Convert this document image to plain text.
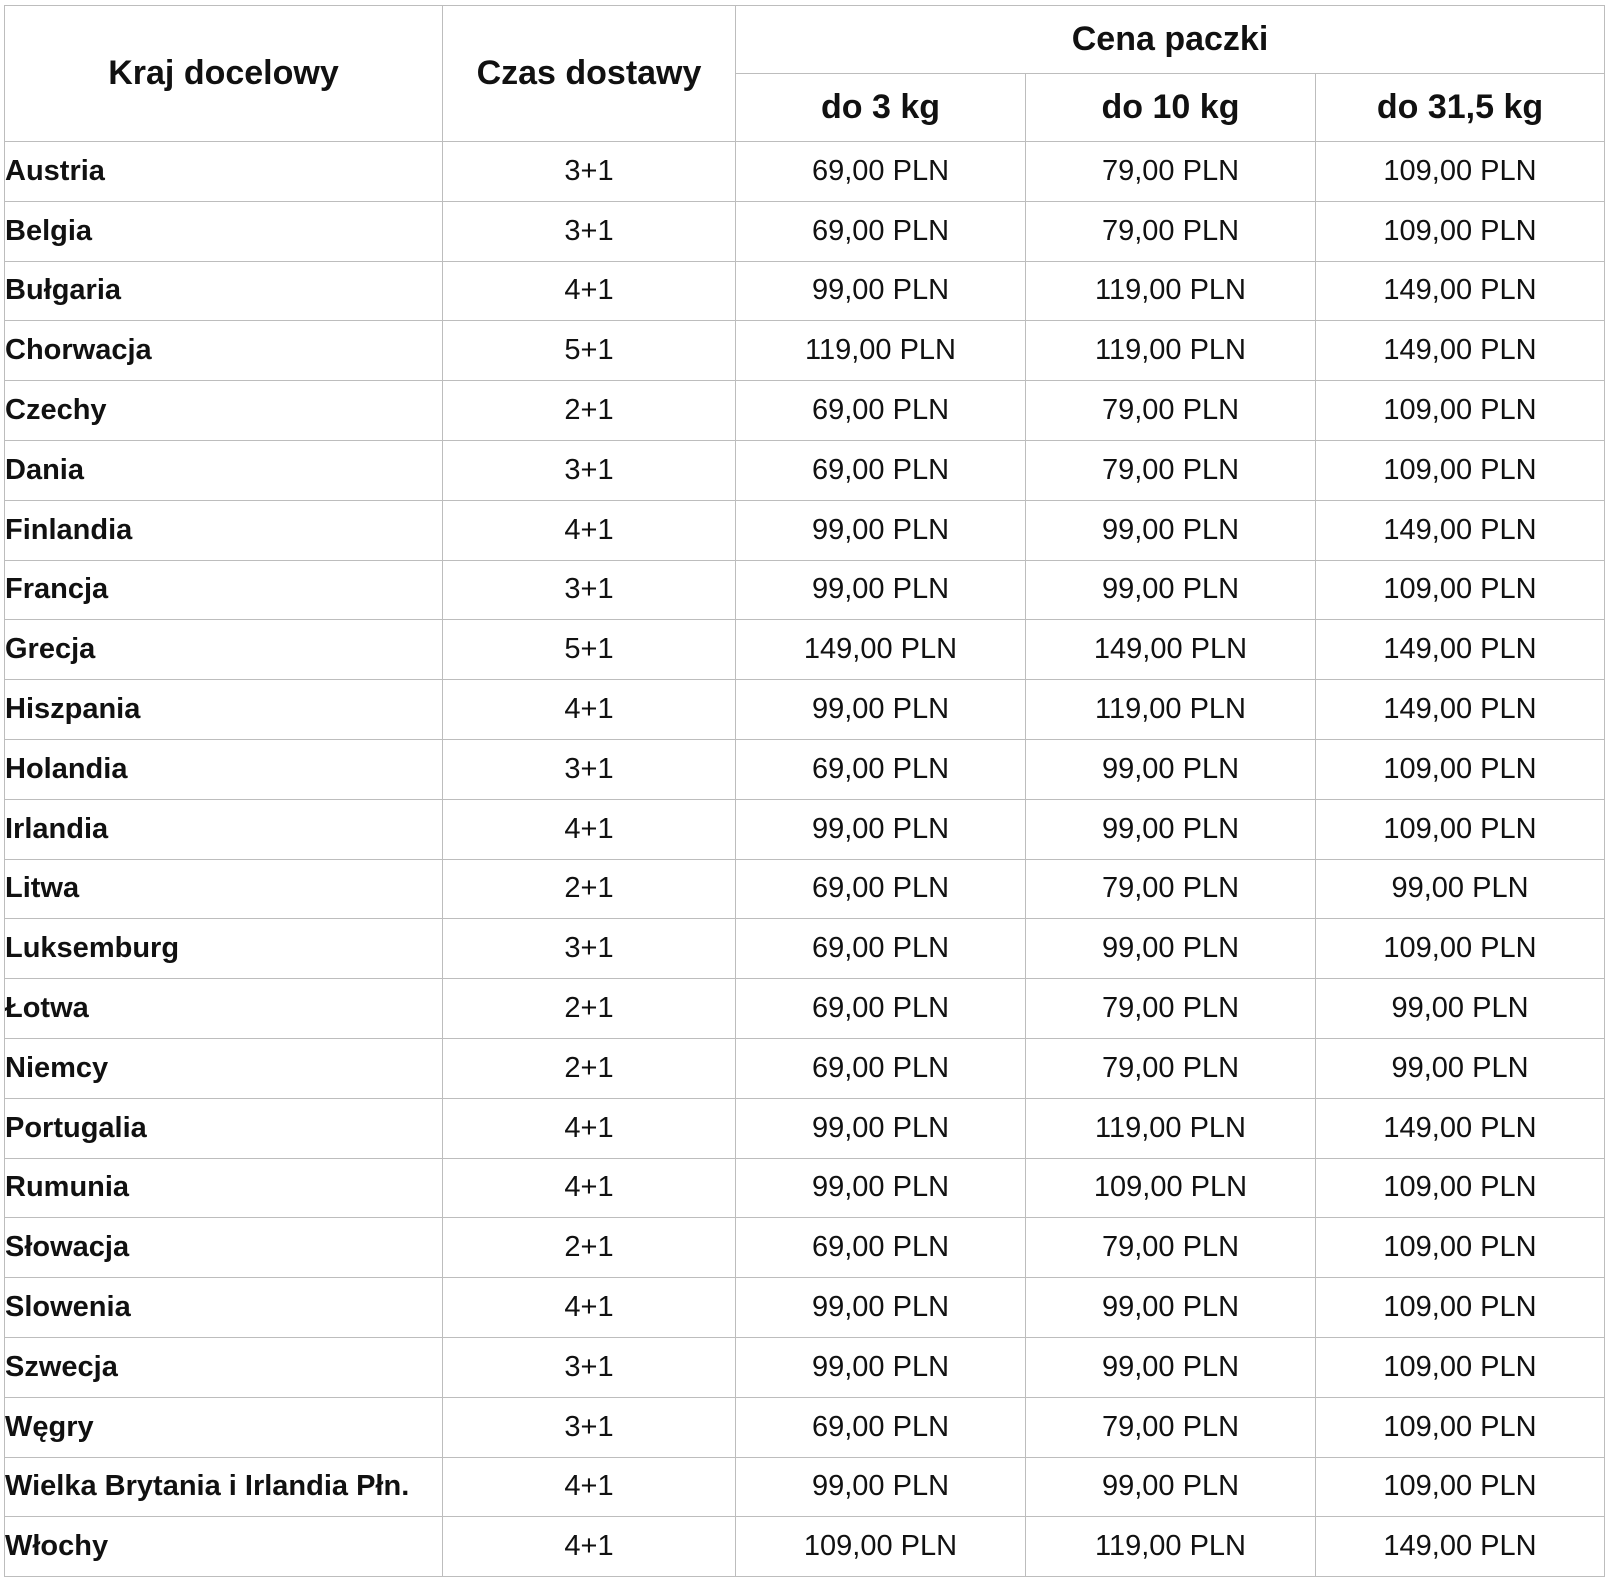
Kraj docelowy	Czas dostawy	Cena paczki		
		do 3 kg	do 10 kg	do 31,5 kg
Austria	3+1	69,00 PLN	79,00 PLN	109,00 PLN
Belgia	3+1	69,00 PLN	79,00 PLN	109,00 PLN
Bułgaria	4+1	99,00 PLN	119,00 PLN	149,00 PLN
Chorwacja	5+1	119,00 PLN	119,00 PLN	149,00 PLN
Czechy	2+1	69,00 PLN	79,00 PLN	109,00 PLN
Dania	3+1	69,00 PLN	79,00 PLN	109,00 PLN
Finlandia	4+1	99,00 PLN	99,00 PLN	149,00 PLN
Francja	3+1	99,00 PLN	99,00 PLN	109,00 PLN
Grecja	5+1	149,00 PLN	149,00 PLN	149,00 PLN
Hiszpania	4+1	99,00 PLN	119,00 PLN	149,00 PLN
Holandia	3+1	69,00 PLN	99,00 PLN	109,00 PLN
Irlandia	4+1	99,00 PLN	99,00 PLN	109,00 PLN
Litwa	2+1	69,00 PLN	79,00 PLN	99,00 PLN
Luksemburg	3+1	69,00 PLN	99,00 PLN	109,00 PLN
Łotwa	2+1	69,00 PLN	79,00 PLN	99,00 PLN
Niemcy	2+1	69,00 PLN	79,00 PLN	99,00 PLN
Portugalia	4+1	99,00 PLN	119,00 PLN	149,00 PLN
Rumunia	4+1	99,00 PLN	109,00 PLN	109,00 PLN
Słowacja	2+1	69,00 PLN	79,00 PLN	109,00 PLN
Slowenia	4+1	99,00 PLN	99,00 PLN	109,00 PLN
Szwecja	3+1	99,00 PLN	99,00 PLN	109,00 PLN
Węgry	3+1	69,00 PLN	79,00 PLN	109,00 PLN
Wielka Brytania i Irlandia Płn.	4+1	99,00 PLN	99,00 PLN	109,00 PLN
Włochy	4+1	109,00 PLN	119,00 PLN	149,00 PLN
